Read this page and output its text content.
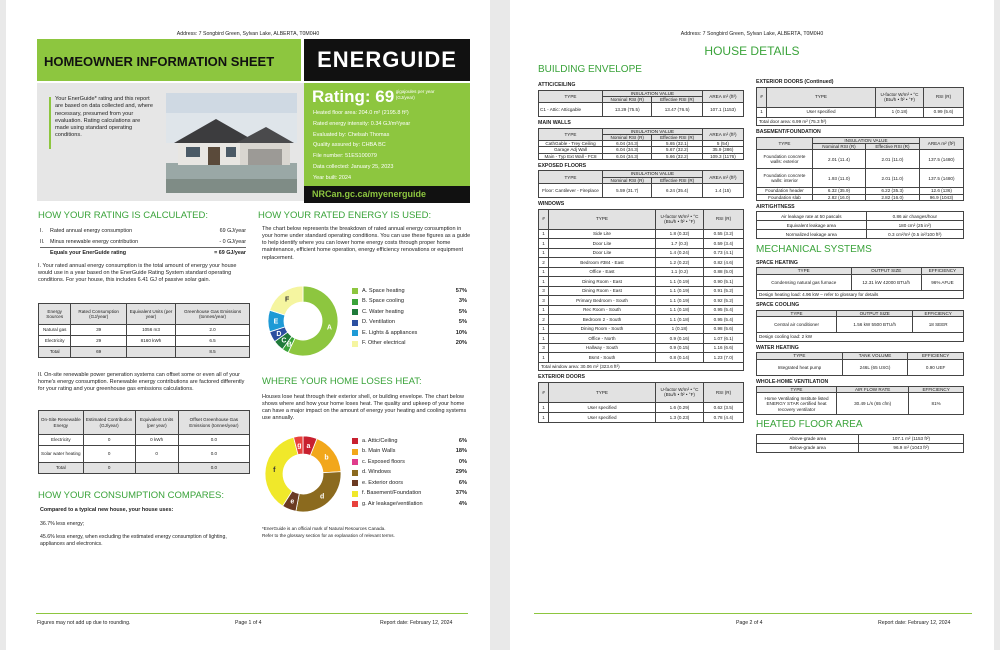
Address: 7 Songbird Green, Sylvan Lake, ALBERTA, T0M0H0
HOMEOWNER INFORMATION SHEET	ENERGUIDE
Your EnerGuide* rating and this report are based on data collected and, where necessary, presumed from your evaluation. Rating calculations are made using standard operating conditions.
Rating: 69 gigajoules per year (GJ/year)
Heated floor area: 204.0 m² (2195.8 ft²)
Rated energy intensity: 0.34 GJ/m²/year
Evaluated by: Chelsah Thomas
Quality assured by: CHBA BC
File number: 51ES100079
Data collected: January 25, 2023
Year built: 2024
NRCan.gc.ca/myenerguide
HOW YOUR RATING IS CALCULATED:
I.	Rated annual energy consumption	69 GJ/year
II.	Minus renewable energy contribution	- 0 GJ/year
Equals your EnerGuide rating	= 69 GJ/year
I. Your rated annual energy consumption is the total amount of energy your house would use in a year based on the EnerGuide Rating System standard operating conditions. For your house, this includes 6.41 GJ of passive solar gain.
Energy Sources	Rated Consumption (GJ/year)	Equivalent Units (per year)	Greenhouse Gas Emissions (tonnes/year)
Natural gas	39	1056 m3	2.0
Electricity	29	8160 kWh	6.5
Total	69		8.5
II. On-site renewable power generation systems can offset some or even all of your home's energy consumption. Renewable energy contributions are factored differently for your rating and your greenhouse gas emissions calculations.
On-Site Renewable Energy	Estimated Contribution (GJ/year)	Equivalent Units (per year)	Offset Greenhouse Gas Emissions (tonnes/year)
Electricity	0	0 kWh	0.0
Solar water heating	0	0	0.0
Total	0		0.0
HOW YOUR CONSUMPTION COMPARES:
Compared to a typical new house, your house uses:
36.7% less energy;
45.6% less energy, when excluding the estimated energy consumption of lighting, appliances and electronics.
HOW YOUR RATED ENERGY IS USED:
The chart below represents the breakdown of rated annual energy consumption in your home under standard operating conditions. You can use these figures as a guide to help identify where you can lower home energy costs through proper home maintenance, efficient home operation, energy efficiency renovations or equipment replacement.
A
B
C
D
E
F
A. Space heating	57%
B. Space cooling	3%
C. Water heating	5%
D. Ventilation	5%
E. Lights & appliances	10%
F. Other electrical	20%
WHERE YOUR HOME LOSES HEAT:
Houses lose heat through their exterior shell, or building envelope. The chart below shows where and how your home loses heat. The quality and upkeep of your home can have a major impact on the amount of energy your heating and cooling systems use annually.
a
b
d
e
f
g
a. Attic/Ceiling	6%
b. Main Walls	18%
c. Exposed floors	0%
d. Windows	29%
e. Exterior doors	6%
f. Basement/Foundation	37%
g. Air leakage/ventilation	4%
*EnerGuide is an official mark of Natural Resources Canada.
Refer to the glossary section for an explanation of relevant terms.
Figures may not add up due to rounding.	Page 1 of 4	Report date: February 12, 2024
Address: 7 Songbird Green, Sylvan Lake, ALBERTA, T0M0H0
HOUSE DETAILS
BUILDING ENVELOPE
ATTIC/CEILING
TYPE	INSULATION VALUE		AREA m² (ft²)
	Nominal RSI (R)	Effective RSI (R)	
C1 - Attic: Atticgable	13.29 (75.5)	13.47 (76.5)	107.1 (1153)
MAIN WALLS
TYPE	INSULATION VALUE		AREA m² (ft²)
	Nominal RSI (R)	Effective RSI (R)	
CathGable - Trey Ceiling	6.04 (34.3)	5.65 (32.1)	5 (54)
Garage Adj Wall	6.04 (34.3)	5.67 (32.2)	35.9 (386)
Main - Typ Ext Wall - FC8	6.04 (34.3)	5.66 (32.2)	109.3 (1176)
EXPOSED FLOORS
TYPE	INSULATION VALUE		AREA m² (ft²)
	Nominal RSI (R)	Effective RSI (R)	
Floor: Cantilever - Fireplace	5.59 (31.7)	6.24 (35.4)	1.4 (15)
WINDOWS
#	TYPE	U-factor W/m² • °C (Btu/h • ft² • °F)	RSI (R)
1	Side Lite	1.8 (0.32)	0.55 (3.2)
1	Door Lite	1.7 (0.3)	0.59 (3.4)
1	Door Lite	1.4 (0.24)	0.73 (4.1)
2	Bedroom #384 - East	1.2 (0.22)	0.82 (4.6)
1	Office - East	1.1 (0.2)	0.88 (5.0)
1	Dining Room - East	1.1 (0.19)	0.90 (5.1)
3	Dining Room - East	1.1 (0.19)	0.91 (5.2)
3	Primary Bedroom - South	1.1 (0.19)	0.92 (5.2)
1	Rec Room - South	1.1 (0.18)	0.95 (5.4)
2	Bedroom 2 - South	1.1 (0.18)	0.95 (5.4)
1	Dining Room - South	1 (0.18)	0.98 (5.6)
1	Office - North	0.9 (0.16)	1.07 (6.1)
3	Hallway - South	0.9 (0.15)	1.16 (6.6)
1	Bsmt - South	0.8 (0.14)	1.23 (7.0)
Total window area: 30.06 m² (323.6 ft²)
EXTERIOR DOORS
#	TYPE	U-factor W/m² • °C (Btu/h • ft² • °F)	RSI (R)
1	User specified	1.6 (0.29)	0.62 (3.5)
1	User specified	1.3 (0.23)	0.78 (4.4)
EXTERIOR DOORS (Continued)
#	TYPE	U-factor W/m² • °C (Btu/h • ft² • °F)	RSI (R)
1	User specified	1 (0.18)	0.99 (5.6)
Total door area: 6.99 m² (75.3 ft²)
BASEMENT/FOUNDATION
TYPE	INSULATION VALUE		AREA m² (ft²)
	Nominal RSI (R)	Effective RSI (R)	
Foundation concrete walls: exterior	2.01 (11.4)	2.01 (11.0)	137.5 (1480)
Foundation concrete walls: interior	1.93 (11.0)	2.01 (11.0)	137.5 (1480)
Foundation header	6.32 (35.9)	6.22 (35.3)	12.6 (136)
Foundation slab	2.82 (16.0)	2.82 (16.0)	96.9 (1043)
AIRTIGHTNESS
Air leakage rate at 50 pascals	0.86 air changes/hour
Equivalent leakage area	180 cm² (25 in²)
Normalized leakage area	0.3 cm²/m² (0.5 in²/100 ft²)
MECHANICAL SYSTEMS
SPACE HEATING
TYPE	OUTPUT SIZE	EFFICIENCY
Condensing natural gas furnace	12.31 kW 42000 BTU/h	96% AFUE
Design heating load: 4.96 kW – refer to glossary for details
SPACE COOLING
TYPE	OUTPUT SIZE	EFFICIENCY
Central air conditioner	1.56 kW 5500 BTU/h	18 SEER
Design cooling load: 2 kW
WATER HEATING
TYPE	TANK VOLUME	EFFICIENCY
Integrated heat pump	246L (65 USG)	0.90 UEF
WHOLE-HOME VENTILATION
TYPE	AIR FLOW RATE	EFFICIENCY
Home Ventilating Institute listed ENERGY STAR certified heat recovery ventilator	30.49 L/s (65 cfm)	81%
HEATED FLOOR AREA
Above-grade area	107.1 m² (1153 ft²)
Below-grade area	96.9 m² (1043 ft²)
Page 2 of 4	Report date: February 12, 2024
